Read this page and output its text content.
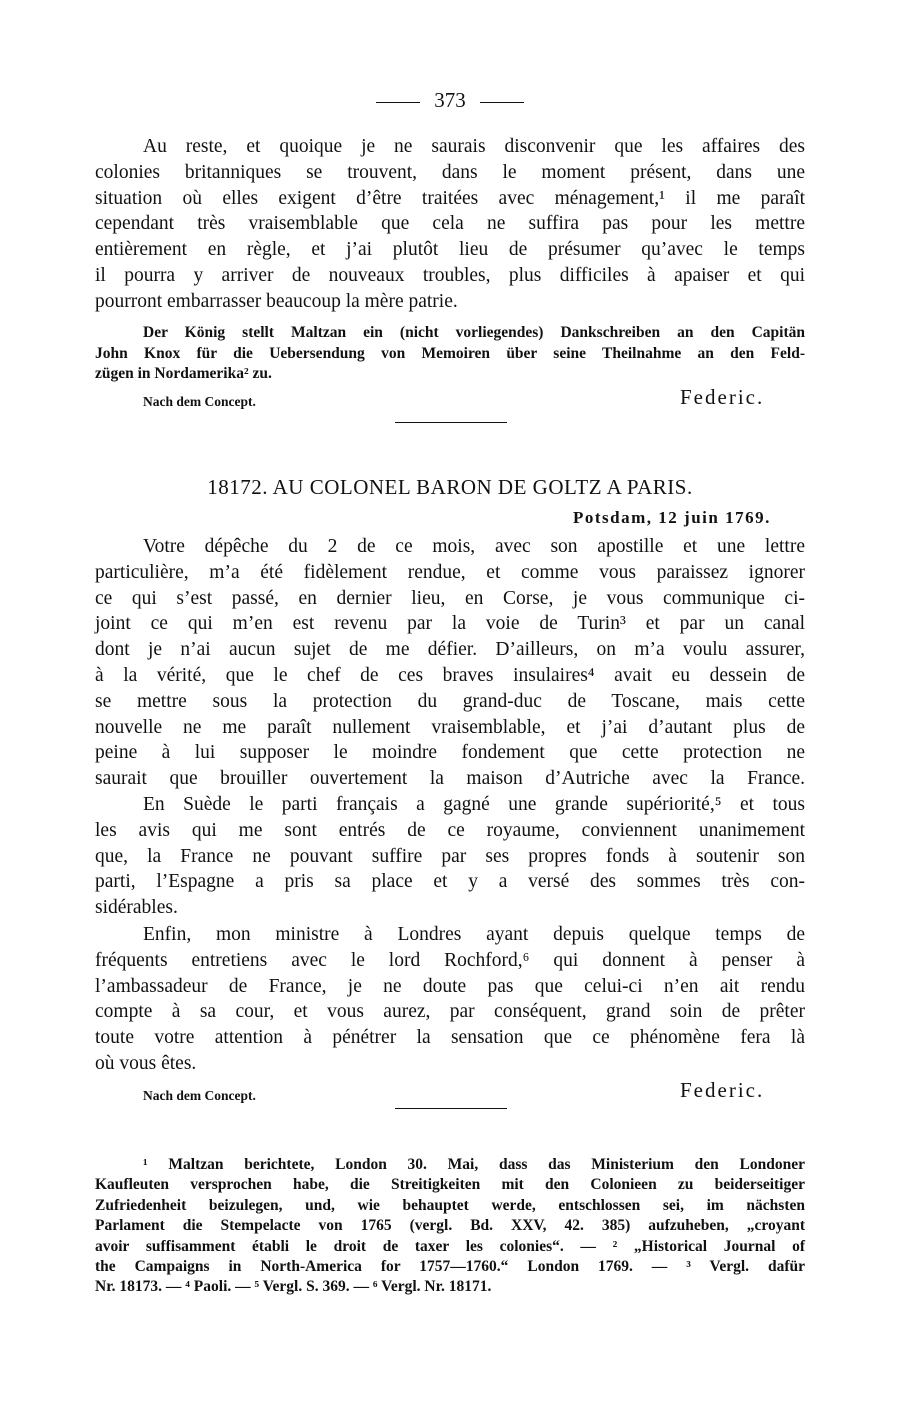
373
Au reste, et quoique je ne saurais disconvenir que les affaires des
colonies britanniques se trouvent, dans le moment présent, dans une
situation où elles exigent d’être traitées avec ménagement,¹ il me paraît
cependant très vraisemblable que cela ne suffira pas pour les mettre
entièrement en règle, et j’ai plutôt lieu de présumer qu’avec le temps
il pourra y arriver de nouveaux troubles, plus difficiles à apaiser et qui
pourront embarrasser beaucoup la mère patrie.
Der König stellt Maltzan ein (nicht vorliegendes) Dankschreiben an den Capitän
John Knox für die Uebersendung von Memoiren über seine Theilnahme an den Feld-
zügen in Nordamerika² zu.
Nach dem Concept.	Federic.
18172. AU COLONEL BARON DE GOLTZ A PARIS.
Potsdam, 12 juin 1769.
Votre dépêche du 2 de ce mois, avec son apostille et une lettre
particulière, m’a été fidèlement rendue, et comme vous paraissez ignorer
ce qui s’est passé, en dernier lieu, en Corse, je vous communique ci-
joint ce qui m’en est revenu par la voie de Turin³ et par un canal
dont je n’ai aucun sujet de me défier. D’ailleurs, on m’a voulu assurer,
à la vérité, que le chef de ces braves insulaires⁴ avait eu dessein de
se mettre sous la protection du grand-duc de Toscane, mais cette
nouvelle ne me paraît nullement vraisemblable, et j’ai d’autant plus de
peine à lui supposer le moindre fondement que cette protection ne
saurait que brouiller ouvertement la maison d’Autriche avec la France.
En Suède le parti français a gagné une grande supériorité,⁵ et tous
les avis qui me sont entrés de ce royaume, conviennent unanimement
que, la France ne pouvant suffire par ses propres fonds à soutenir son
parti, l’Espagne a pris sa place et y a versé des sommes très con-
sidérables.
Enfin, mon ministre à Londres ayant depuis quelque temps de
fréquents entretiens avec le lord Rochford,⁶ qui donnent à penser à
l’ambassadeur de France, je ne doute pas que celui-ci n’en ait rendu
compte à sa cour, et vous aurez, par conséquent, grand soin de prêter
toute votre attention à pénétrer la sensation que ce phénomène fera là
où vous êtes.
Nach dem Concept.	Federic.
¹ Maltzan berichtete, London 30. Mai, dass das Ministerium den Londoner
Kaufleuten versprochen habe, die Streitigkeiten mit den Colonieen zu beiderseitiger
Zufriedenheit beizulegen, und, wie behauptet werde, entschlossen sei, im nächsten
Parlament die Stempelacte von 1765 (vergl. Bd. XXV, 42. 385) aufzuheben, „croyant
avoir suffisamment établi le droit de taxer les colonies“. — ² „Historical Journal of
the Campaigns in North-America for 1757—1760.“ London 1769. — ³ Vergl. dafür
Nr. 18173. — ⁴ Paoli. — ⁵ Vergl. S. 369. — ⁶ Vergl. Nr. 18171.
